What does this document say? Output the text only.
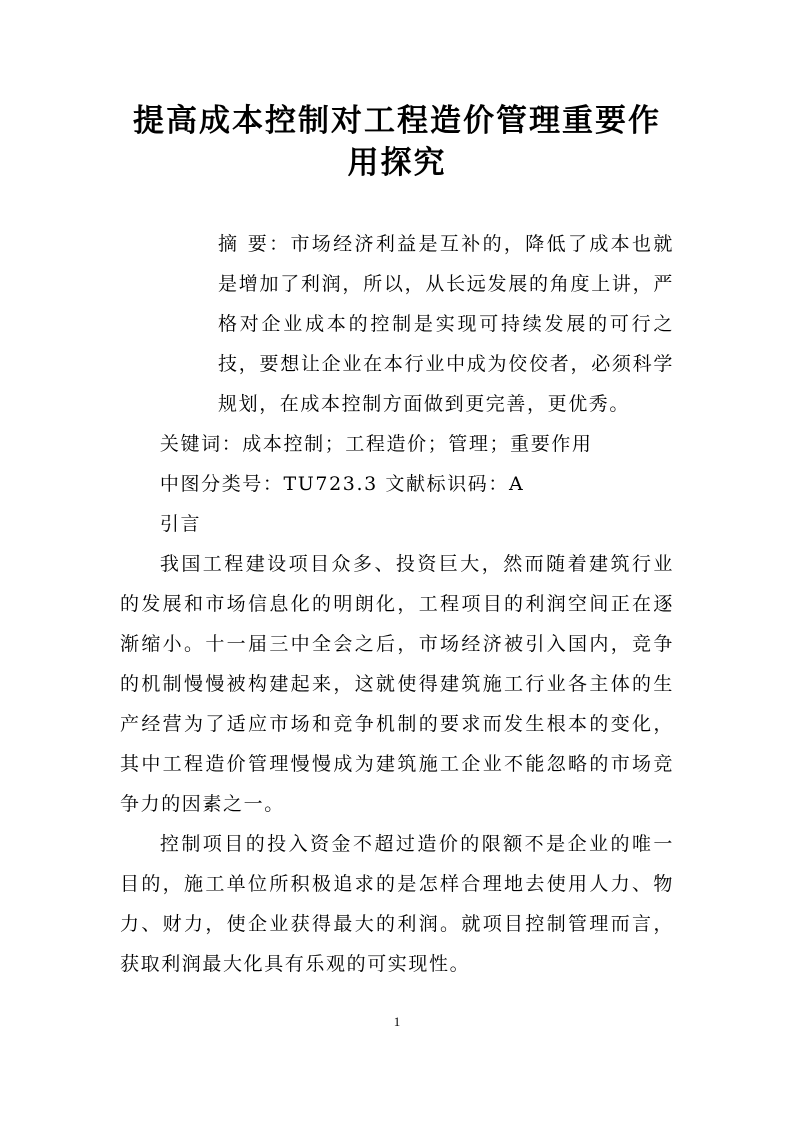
提高成本控制对工程造价管理重要作用探究

摘 要：市场经济利益是互补的，降低了成本也就是增加了利润，所以，从长远发展的角度上讲，严格对企业成本的控制是实现可持续发展的可行之技，要想让企业在本行业中成为佼佼者，必须科学规划，在成本控制方面做到更完善，更优秀。

关键词：成本控制；工程造价；管理；重要作用

中图分类号：TU723.3 文献标识码：A

引言

我国工程建设项目众多、投资巨大，然而随着建筑行业的发展和市场信息化的明朗化，工程项目的利润空间正在逐渐缩小。十一届三中全会之后，市场经济被引入国内，竞争的机制慢慢被构建起来，这就使得建筑施工行业各主体的生产经营为了适应市场和竞争机制的要求而发生根本的变化，其中工程造价管理慢慢成为建筑施工企业不能忽略的市场竞争力的因素之一。

控制项目的投入资金不超过造价的限额不是企业的唯一目的，施工单位所积极追求的是怎样合理地去使用人力、物力、财力，使企业获得最大的利润。就项目控制管理而言，获取利润最大化具有乐观的可实现性。

1
